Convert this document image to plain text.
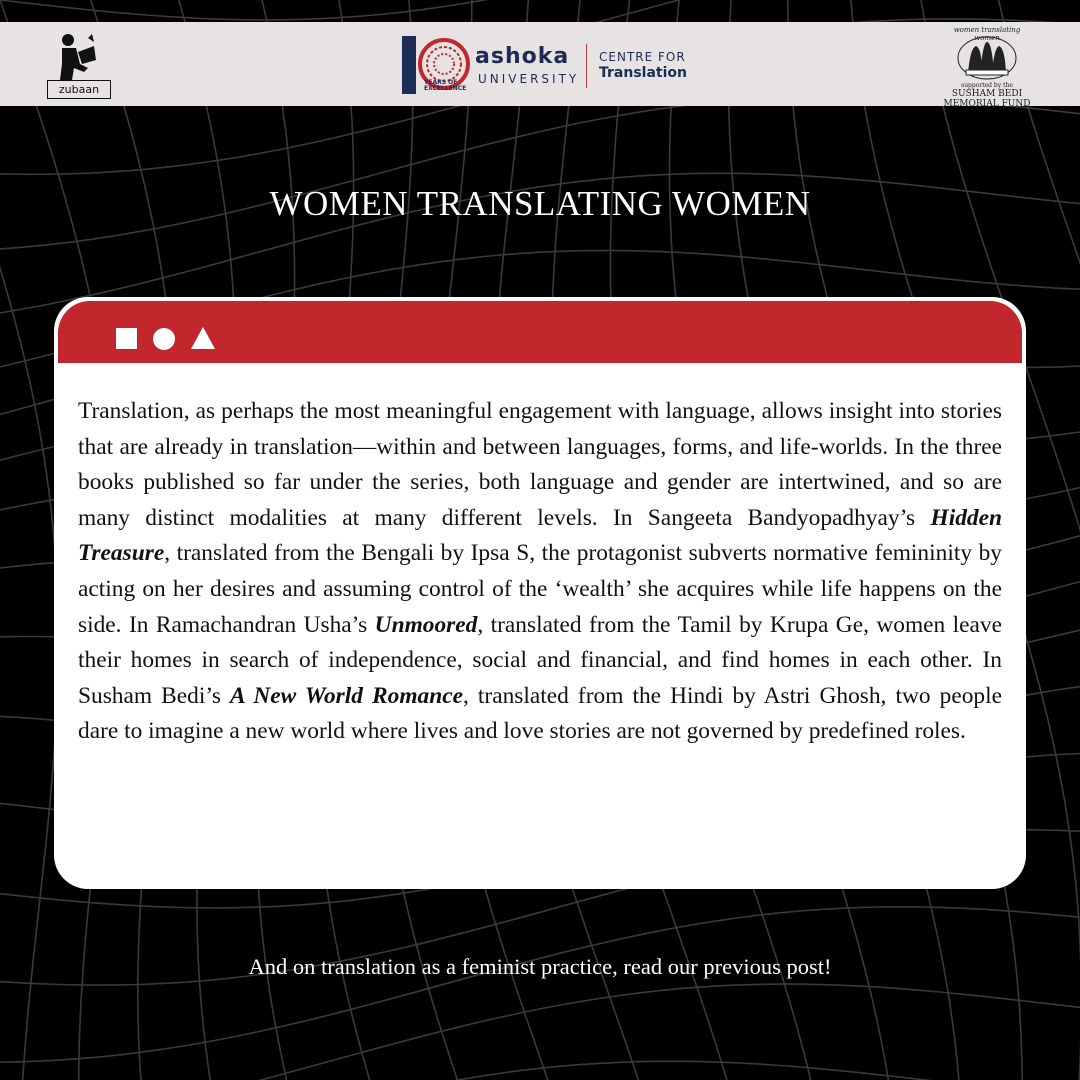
zubaan
YEARS OF EXCELLENCE
ashoka
UNIVERSITY
CENTRE FOR
Translation
women translating women
supported by the
SUSHAM BEDI
MEMORIAL FUND
WOMEN TRANSLATING WOMEN
Translation, as perhaps the most meaningful engagement with language, allows insight into stories that are already in translation—within and between languages, forms, and life-worlds. In the three books published so far under the series, both language and gender are intertwined, and so are many distinct modalities at many different levels. In Sangeeta Bandyopadhyay’s Hidden Treasure, translated from the Bengali by Ipsa S, the protagonist subverts normative femininity by acting on her desires and assuming control of the ‘wealth’ she acquires while life happens on the side. In Ramachandran Usha’s Unmoored, translated from the Tamil by Krupa Ge, women leave their homes in search of independence, social and financial, and find homes in each other. In Susham Bedi’s A New World Romance, translated from the Hindi by Astri Ghosh, two people dare to imagine a new world where lives and love stories are not governed by predefined roles.
And on translation as a feminist practice, read our previous post!
